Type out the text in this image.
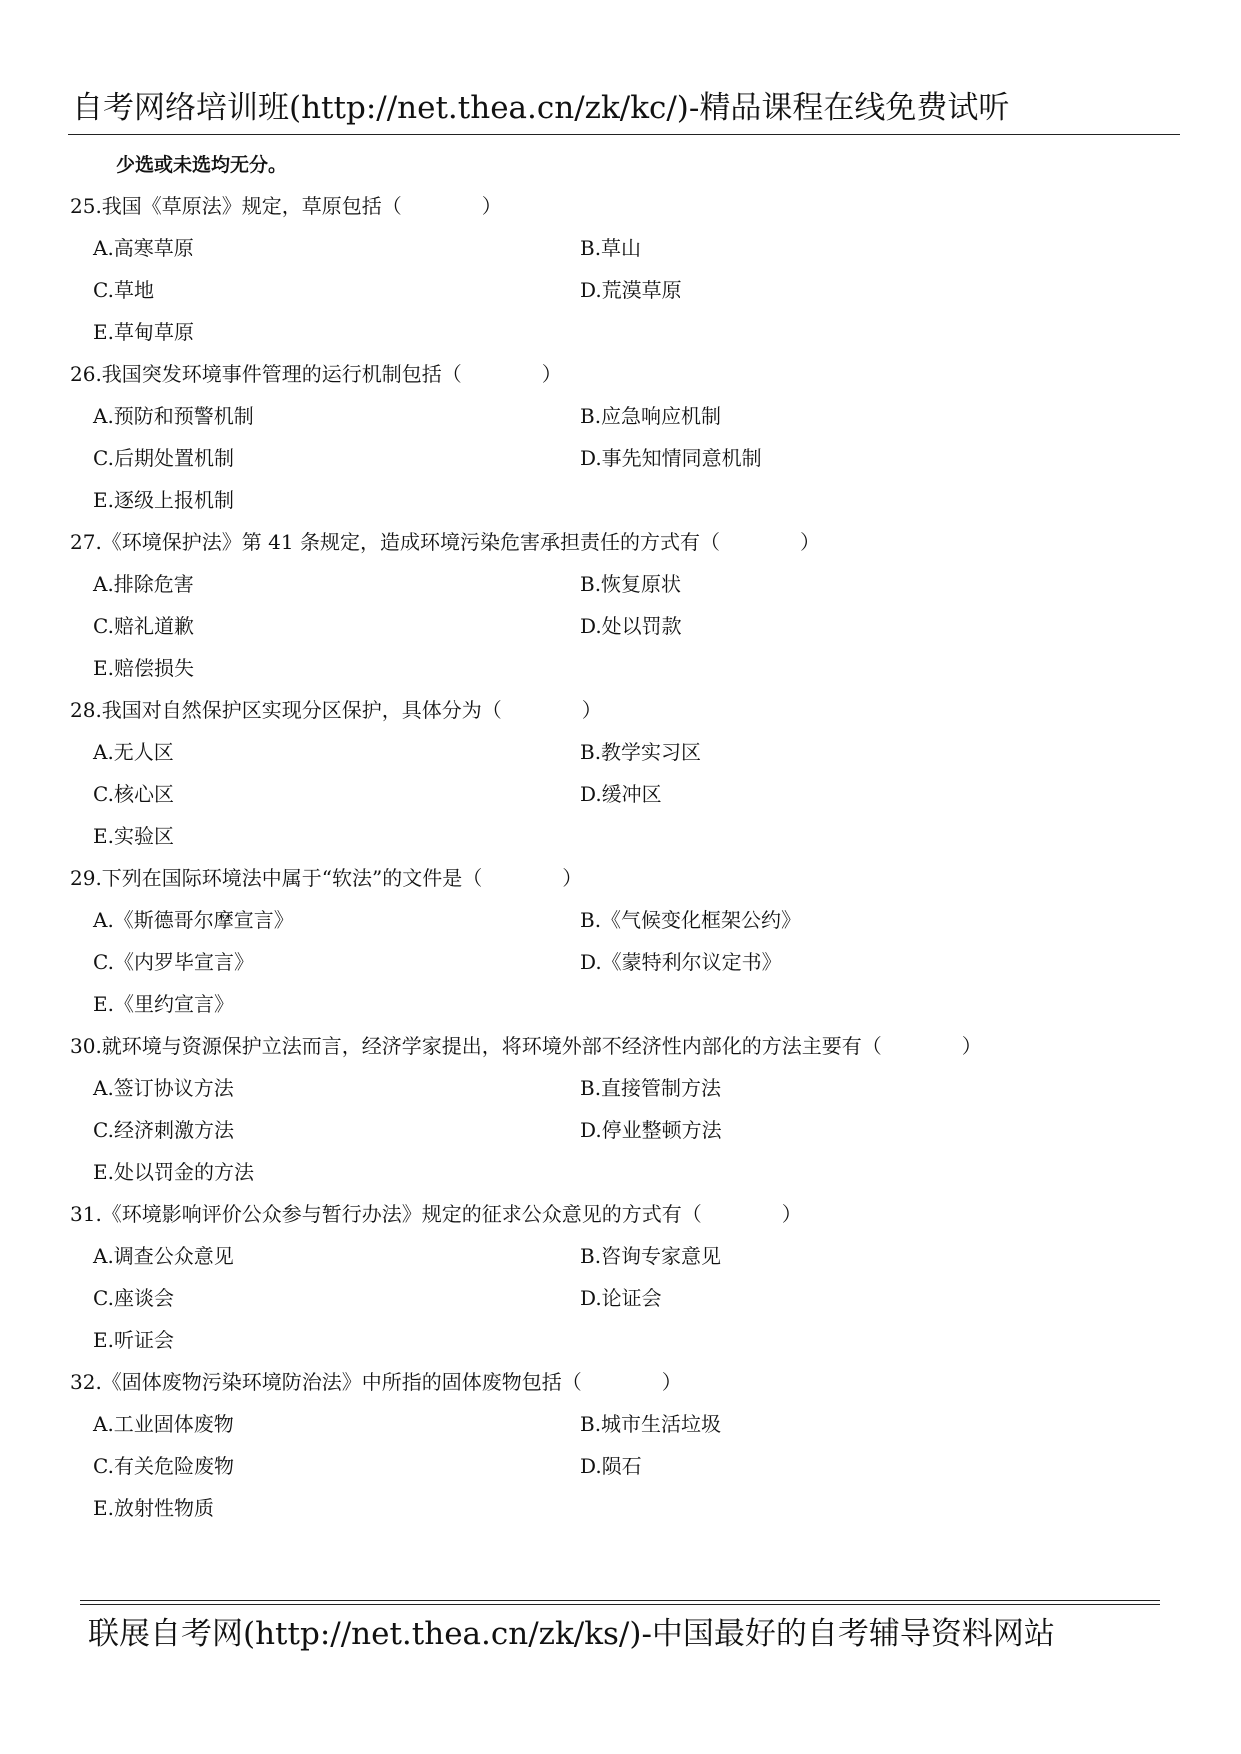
自考网络培训班(http://net.thea.cn/zk/kc/)-精品课程在线免费试听
少选或未选均无分。
25.我国《草原法》规定，草原包括（　　　　）
A.高寒草原	B.草山
C.草地	D.荒漠草原
E.草甸草原
26.我国突发环境事件管理的运行机制包括（　　　　）
A.预防和预警机制	B.应急响应机制
C.后期处置机制	D.事先知情同意机制
E.逐级上报机制
27.《环境保护法》第 41 条规定，造成环境污染危害承担责任的方式有（　　　　）
A.排除危害	B.恢复原状
C.赔礼道歉	D.处以罚款
E.赔偿损失
28.我国对自然保护区实现分区保护，具体分为（　　　　）
A.无人区	B.教学实习区
C.核心区	D.缓冲区
E.实验区
29.下列在国际环境法中属于“软法”的文件是（　　　　）
A.《斯德哥尔摩宣言》	B.《气候变化框架公约》
C.《内罗毕宣言》	D.《蒙特利尔议定书》
E.《里约宣言》
30.就环境与资源保护立法而言，经济学家提出，将环境外部不经济性内部化的方法主要有（　　　　）
A.签订协议方法	B.直接管制方法
C.经济刺激方法	D.停业整顿方法
E.处以罚金的方法
31.《环境影响评价公众参与暂行办法》规定的征求公众意见的方式有（　　　　）
A.调查公众意见	B.咨询专家意见
C.座谈会	D.论证会
E.听证会
32.《固体废物污染环境防治法》中所指的固体废物包括（　　　　）
A.工业固体废物	B.城市生活垃圾
C.有关危险废物	D.陨石
E.放射性物质
联展自考网(http://net.thea.cn/zk/ks/)-中国最好的自考辅导资料网站
